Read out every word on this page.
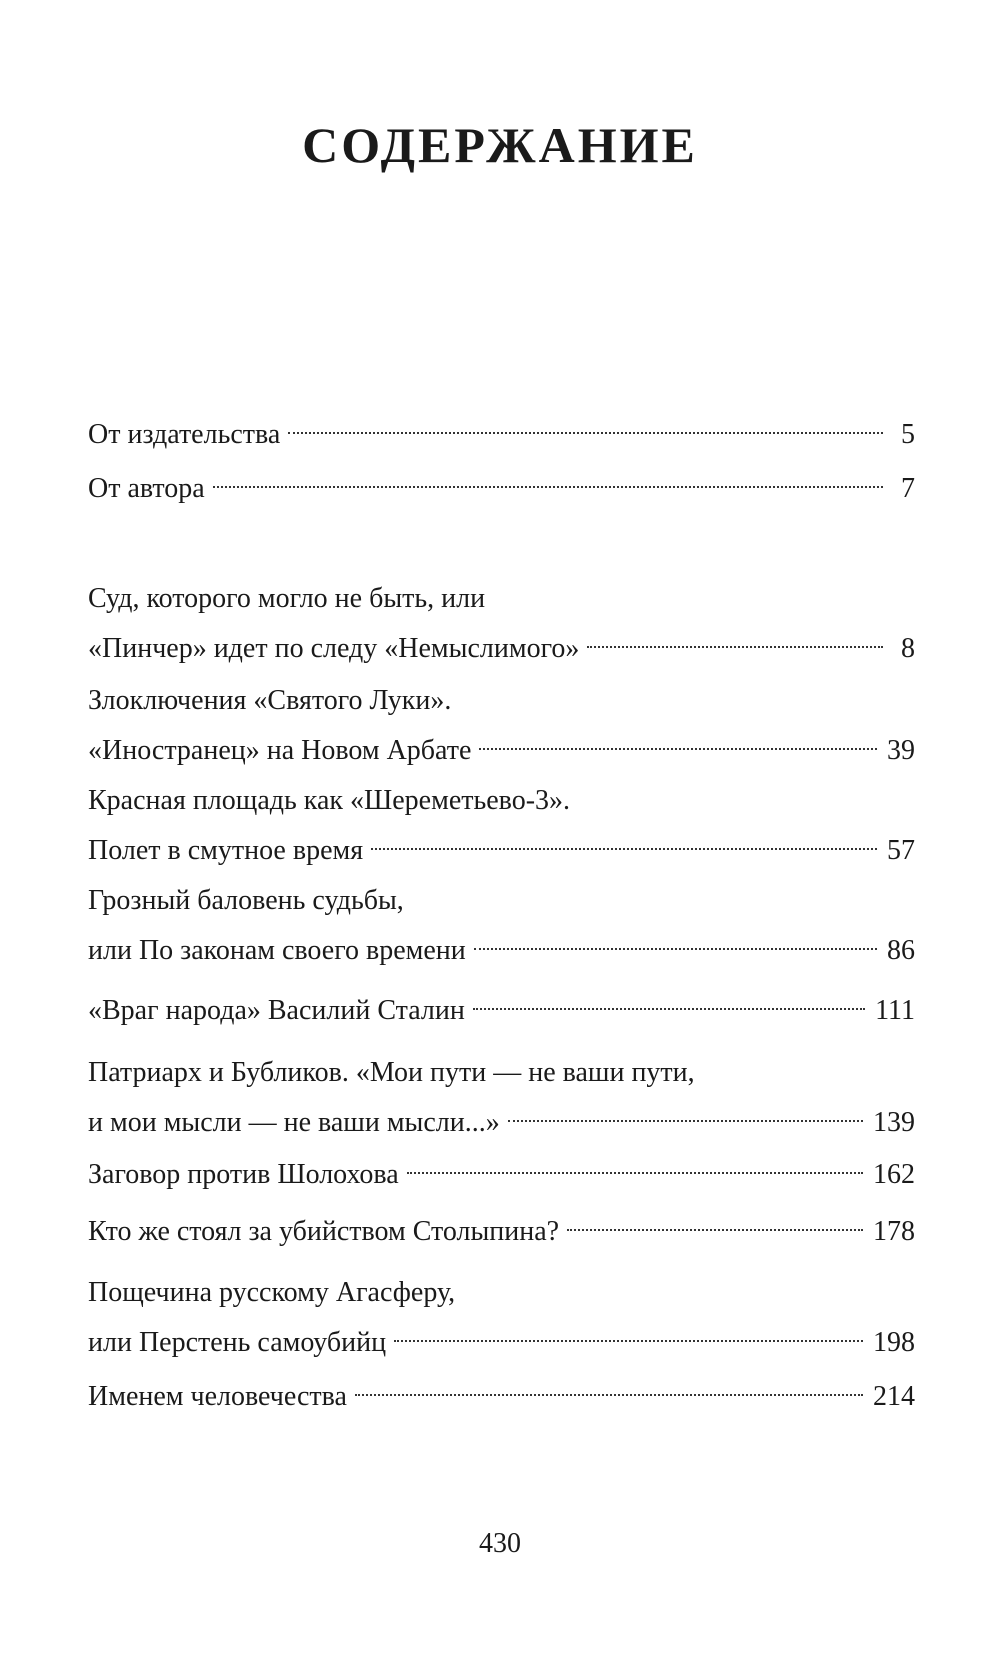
СОДЕРЖАНИЕ
От издательства	5
От автора	7
Суд, которого могло не быть, или
«Пинчер» идет по следу «Немыслимого»	8
Злоключения «Святого Луки».
«Иностранец» на Новом Арбате	39
Красная площадь как «Шереметьево-3».
Полет в смутное время	57
Грозный баловень судьбы,
или По законам своего времени	86
«Враг народа» Василий Сталин	111
Патриарх и Бубликов. «Мои пути — не ваши пути,
и мои мысли — не ваши мысли...»	139
Заговор против Шолохова	162
Кто же стоял за убийством Столыпина?	178
Пощечина русскому Агасферу,
или Перстень самоубийц	198
Именем человечества	214
430
